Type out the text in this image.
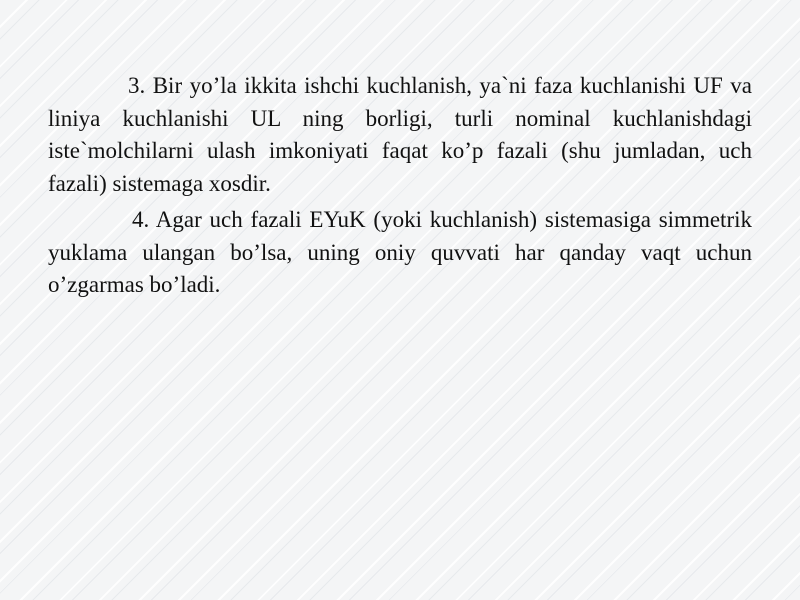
3. Bir yo’la ikkita ishchi kuchlanish, ya`ni faza kuchlanishi UF va liniya kuchlanishi UL ning borligi, turli nominal kuchlanishdagi iste`molchilarni ulash imkoniyati faqat ko’p fazali (shu jumladan, uch fazali) sistemaga xosdir.

4. Agar uch fazali EYuK (yoki kuchlanish) sistemasiga simmetrik yuklama ulangan bo’lsa, uning oniy quvvati har qanday vaqt uchun o’zgarmas bo’ladi.
